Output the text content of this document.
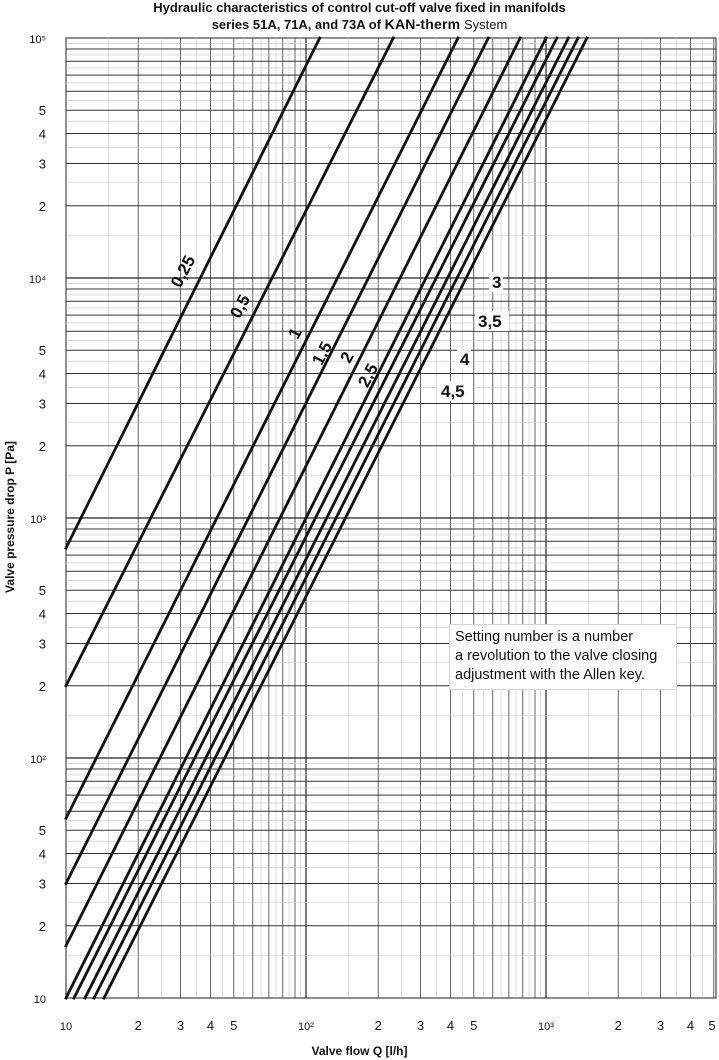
10
2
3
4
5
10²
2
3
4
5
10³
2
3
4
5
10⁴
2
3
4
5
10⁵
10	2	3 4 5	10²	2	3 4 5	10³	2	3 4 5
0,25
0,5
1
1,5 2
2,5
3
3,5
4
4,5
Hydraulic characteristics of control cut-off valve fixed in manifolds
series 51A, 71A, and 73A of KAN-therm System
Setting number is a number
a revolution to the valve closing
adjustment with the Allen key.
Valve pressure drop P [Pa]
Valve flow Q [l/h]
